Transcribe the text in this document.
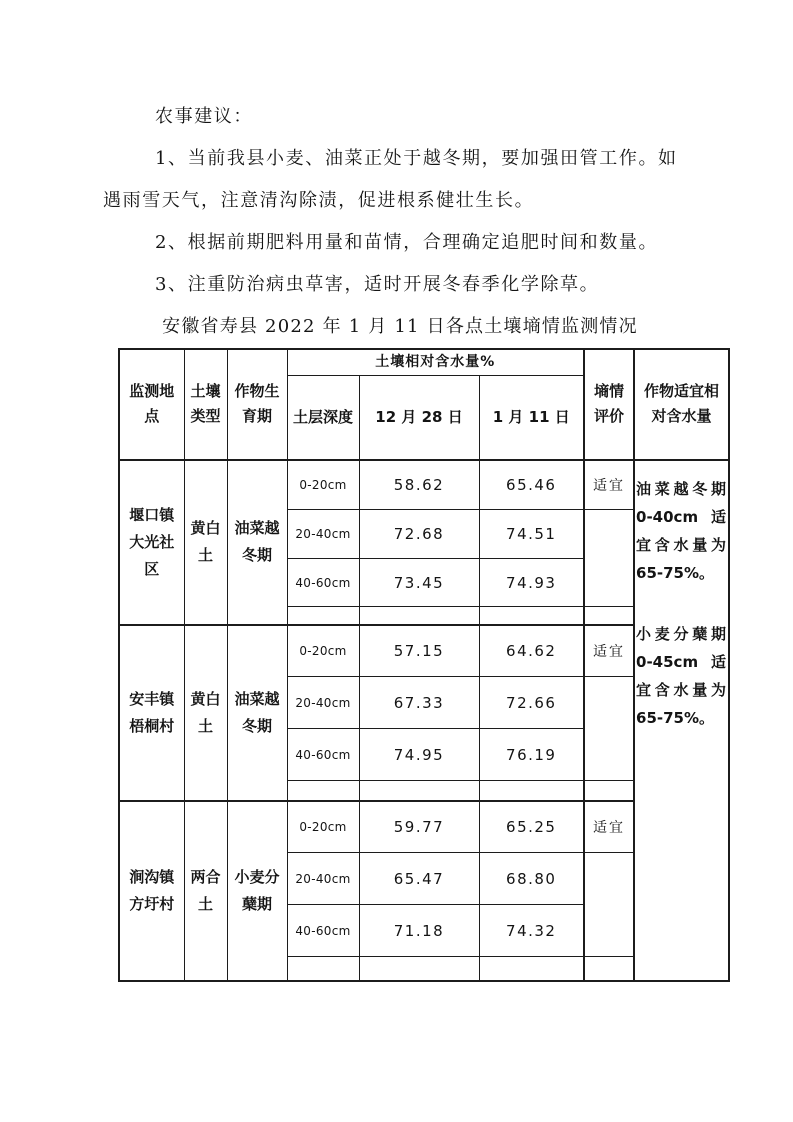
农事建议：

1、当前我县小麦、油菜正处于越冬期，要加强田管工作。如遇雨雪天气，注意清沟除渍，促进根系健壮生长。

2、根据前期肥料用量和苗情，合理确定追肥时间和数量。

3、注重防治病虫草害，适时开展冬春季化学除草。

安徽省寿县 2022 年 1 月 11 日各点土壤墒情监测情况

监测地点	土壤类型	作物生育期	土壤相对含水量%			墒情评价	作物适宜相对含水量
			土层深度	12 月 28 日	1 月 11 日		
堰口镇大光社区	黄白土	油菜越冬期	0-20cm	58.62	65.46	适宜	油菜越冬期0-40cm适宜含水量为65-75%。

小麦分蘖期0-45cm适宜含水量为65-75%。

			20-40cm	72.68	74.51		
			40-60cm	73.45	74.93		

安丰镇梧桐村	黄白土	油菜越冬期	0-20cm	57.15	64.62	适宜	
			20-40cm	67.33	72.66		
			40-60cm	74.95	76.19		

涧沟镇方圩村	两合土	小麦分蘖期	0-20cm	59.77	65.25	适宜	
			20-40cm	65.47	68.80		
			40-60cm	71.18	74.32		
